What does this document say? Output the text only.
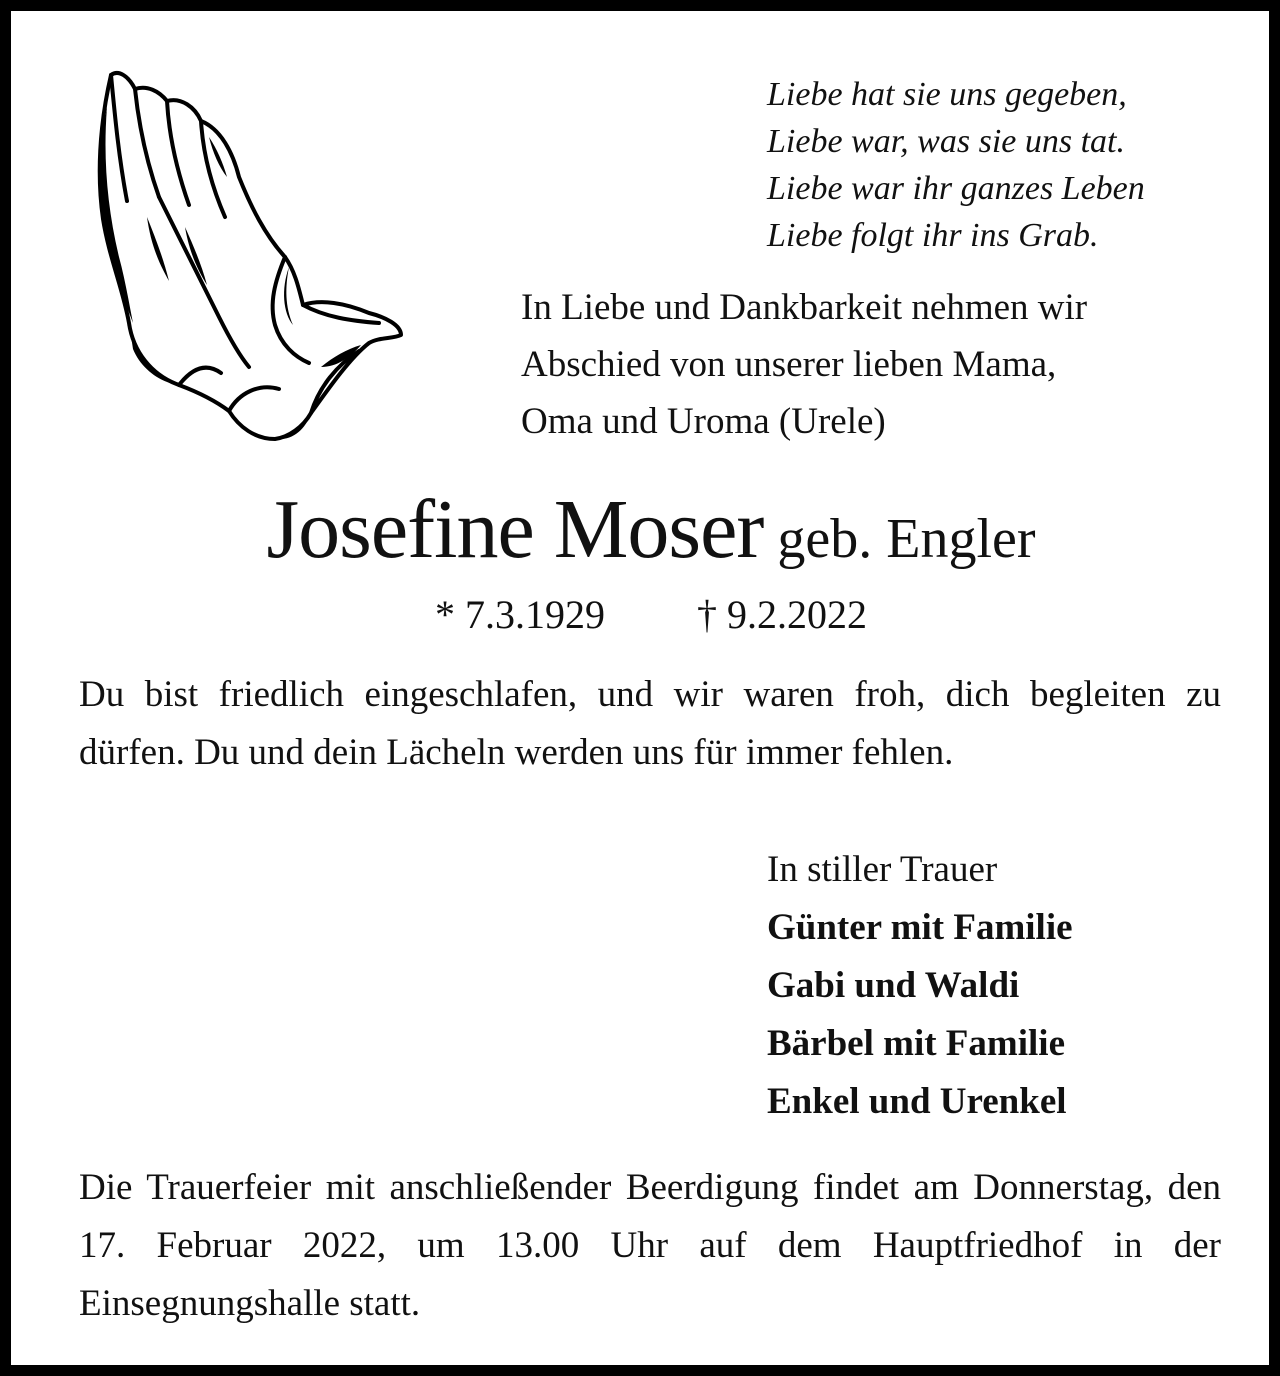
Liebe hat sie uns gegeben,
Liebe war, was sie uns tat.
Liebe war ihr ganzes Leben
Liebe folgt ihr ins Grab.
In Liebe und Dankbarkeit nehmen wir
Abschied von unserer lieben Mama,
Oma und Uroma (Urele)
Josefine Moser geb. Engler
* 7.3.1929 † 9.2.2022

Du bist friedlich eingeschlafen, und wir waren froh, dich begleiten zu dürfen. Du und dein Lächeln werden uns für immer fehlen.

In stiller Trauer
Günter mit Familie
Gabi und Waldi
Bärbel mit Familie
Enkel und Urenkel

Die Trauerfeier mit anschließender Beerdigung findet am Donnerstag, den 17. Februar 2022, um 13.00 Uhr auf dem Hauptfriedhof in der Einsegnungshalle statt.
